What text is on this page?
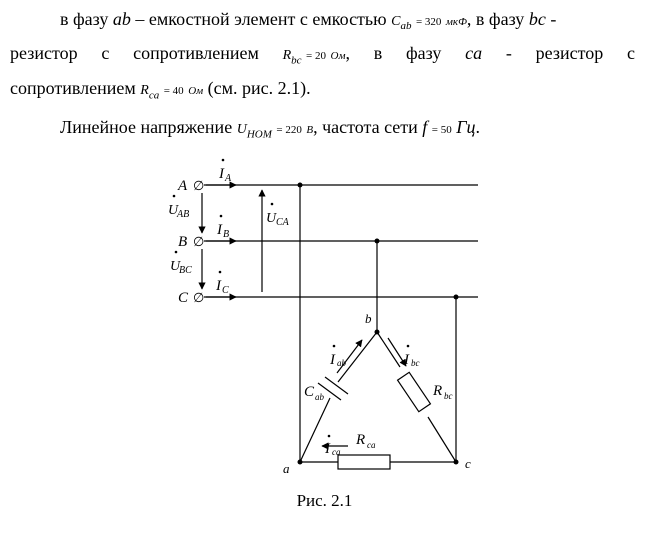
в фазу ab – емкостной элемент с емкостью $C_{ab} = 320$ мкФ, в фазу bc -
резистор с сопротивлением $R_{bc} = 20$ Ом, в фазу ca - резистор с
сопротивлением $R_{ca} = 40$ Ом (см. рис. 2.1).
Линейное напряжение $U_{НОМ} = 220$ В, частота сети f = 50 Гц.
A
B
C
∅
∅
∅
I A
I B
I C
U
AB
U
BC
U CA
b
a	c
I ab	I bc
I ca
C ab	R bc
R ca
Рис. 2.1
